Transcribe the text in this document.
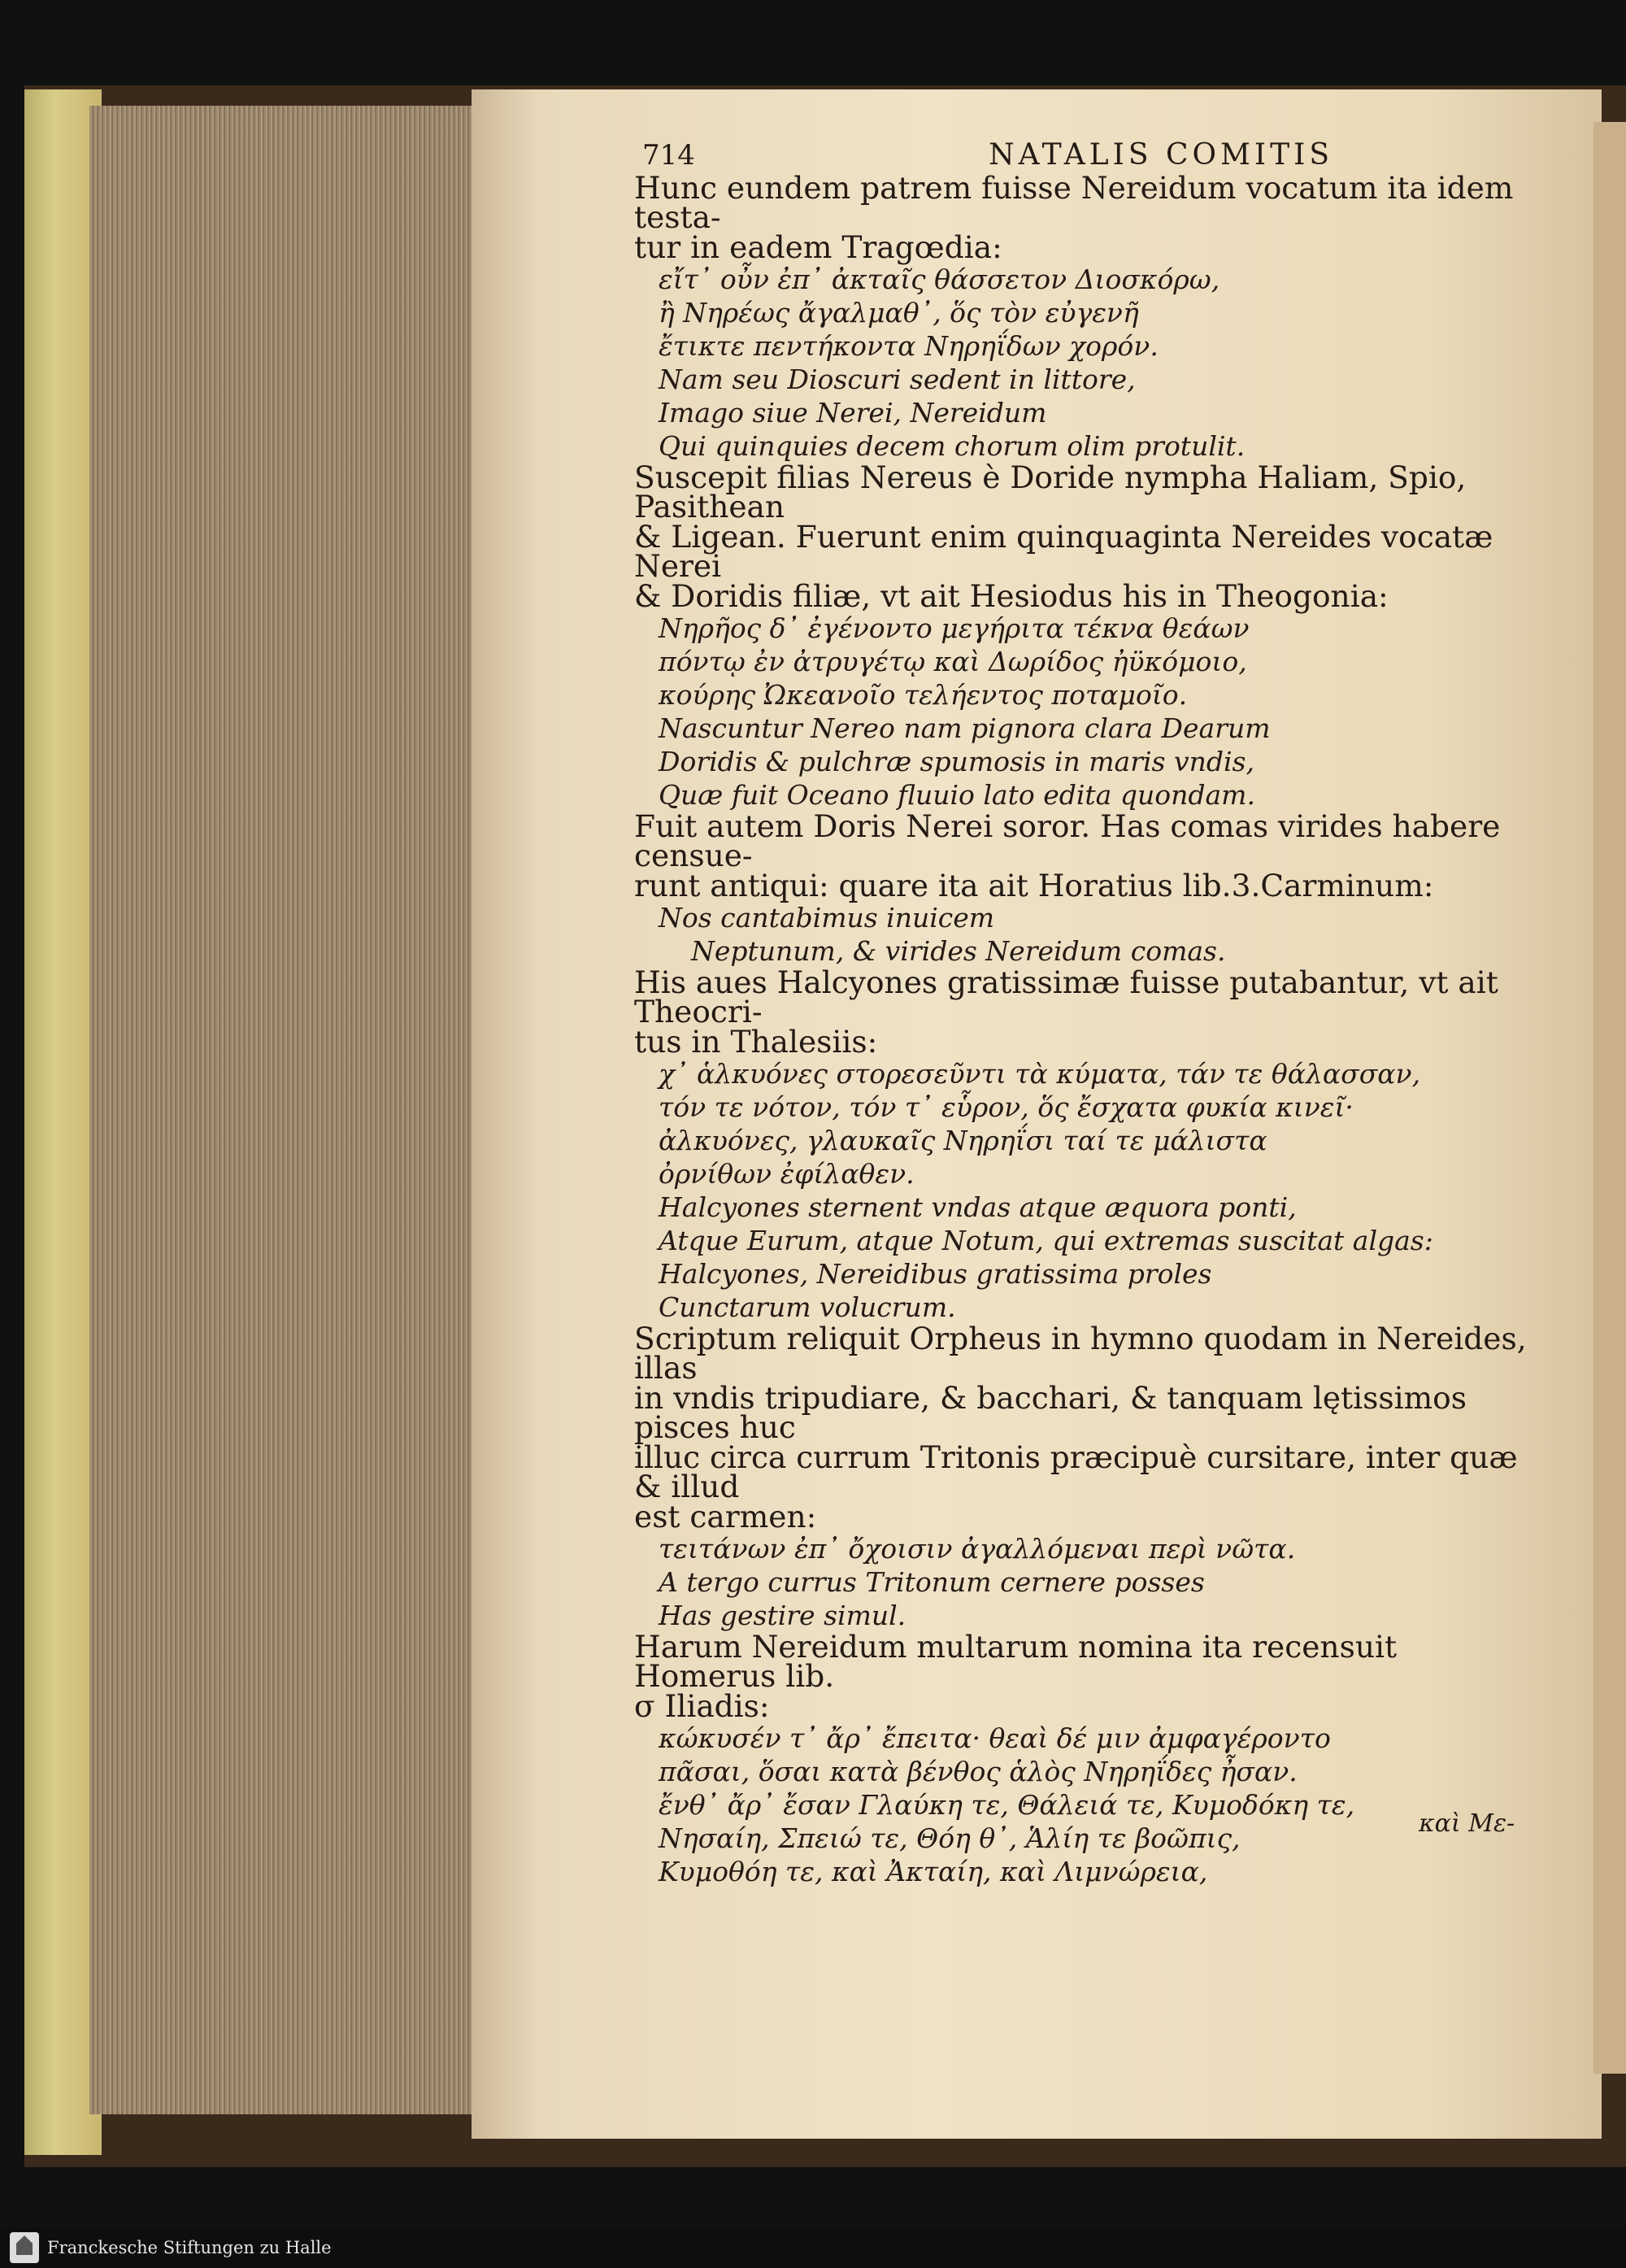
714	NATALIS COMITIS
Hunc eundem patrem fuisse Nereidum vocatum ita idem testa-
tur in eadem Tragœdia:
εἴτ᾽ οὖν ἐπ᾽ ἀκταῖς θάσσετον Διοσκόρω,
ἢ Νηρέως ἄγαλμαθ᾽, ὅς τὸν εὐγενῆ
ἔτικτε πεντήκοντα Νηρηΐδων χορόν.
Nam seu Dioscuri sedent in littore,
Imago siue Nerei, Nereidum
Qui quinquies decem chorum olim protulit.
Suscepit filias Nereus è Doride nympha Haliam, Spio, Pasithean
& Ligean. Fuerunt enim quinquaginta Nereides vocatæ Nerei
& Doridis filiæ, vt ait Hesiodus his in Theogonia:
Νηρῆος δ᾽ ἐγένοντο μεγήριτα τέκνα θεάων
πόντῳ ἐν ἀτρυγέτῳ καὶ Δωρίδος ἠϋκόμοιο,
κούρης Ὠκεανοῖο τελήεντος ποταμοῖο.
Nascuntur Nereo nam pignora clara Dearum
Doridis & pulchræ spumosis in maris vndis,
Quæ fuit Oceano fluuio lato edita quondam.
Fuit autem Doris Nerei soror. Has comas virides habere censue-
runt antiqui: quare ita ait Horatius lib.3.Carminum:
Nos cantabimus inuicem
Neptunum, & virides Nereidum comas.
His aues Halcyones gratissimæ fuisse putabantur, vt ait Theocri-
tus in Thalesiis:
χ᾽ ἁλκυόνες στορεσεῦντι τὰ κύματα, τάν τε θάλασσαν,
τόν τε νότον, τόν τ᾽ εὗρον, ὅς ἔσχατα φυκία κινεῖ·
ἀλκυόνες, γλαυκαῖς Νηρηΐσι ταί τε μάλιστα
ὀρνίθων ἐφίλαθεν.
Halcyones sternent vndas atque æquora ponti,
Atque Eurum, atque Notum, qui extremas suscitat algas:
Halcyones, Nereidibus gratissima proles
Cunctarum volucrum.
Scriptum reliquit Orpheus in hymno quodam in Nereides, illas
in vndis tripudiare, & bacchari, & tanquam lętissimos pisces huc
illuc circa currum Tritonis præcipuè cursitare, inter quæ & illud
est carmen:
τειτάνων ἐπ᾽ ὄχοισιν ἀγαλλόμεναι περὶ νῶτα.
A tergo currus Tritonum cernere posses
Has gestire simul.
Harum Nereidum multarum nomina ita recensuit Homerus lib.
σ Iliadis:
κώκυσέν τ᾽ ἄρ᾽ ἔπειτα· θεαὶ δέ μιν ἀμφαγέροντο
πᾶσαι, ὅσαι κατὰ βένθος ἁλὸς Νηρηΐδες ἦσαν.
ἔνθ᾽ ἄρ᾽ ἔσαν Γλαύκη τε, Θάλειά τε, Κυμοδόκη τε,
Νησαίη, Σπειώ τε, Θόη θ᾽, Ἁλίη τε βοῶπις,
Κυμοθόη τε, καὶ Ἀκταίη, καὶ Λιμνώρεια,
καὶ Με-
Franckesche Stiftungen zu Halle
